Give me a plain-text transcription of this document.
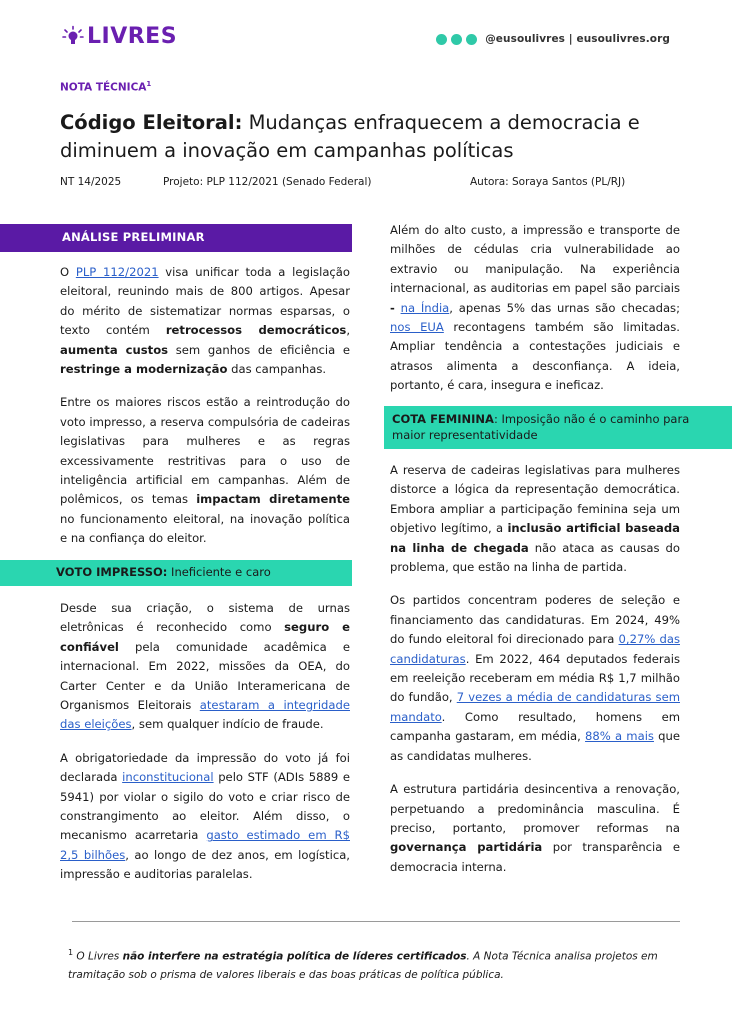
LIVRES	@eusoulivres | eusoulivres.org
NOTA TÉCNICA$^1$
Código Eleitoral: Mudanças enfraquecem a democracia e diminuem a inovação em campanhas políticas
NT 14/2025	Projeto: PLP 112/2021 (Senado Federal)	Autora: Soraya Santos (PL/RJ)
ANÁLISE PRELIMINAR

O PLP 112/2021 visa unificar toda a legislação eleitoral, reunindo mais de 800 artigos. Apesar do mérito de sistematizar normas esparsas, o texto contém retrocessos democráticos, aumenta custos sem ganhos de eficiência e restringe a modernização das campanhas.

Entre os maiores riscos estão a reintrodução do voto impresso, a reserva compulsória de cadeiras legislativas para mulheres e as regras excessivamente restritivas para o uso de inteligência artificial em campanhas. Além de polêmicos, os temas impactam diretamente no funcionamento eleitoral, na inovação política e na confiança do eleitor.

VOTO IMPRESSO: Ineficiente e caro

Desde sua criação, o sistema de urnas eletrônicas é reconhecido como seguro e confiável pela comunidade acadêmica e internacional. Em 2022, missões da OEA, do Carter Center e da União Interamericana de Organismos Eleitorais atestaram a integridade das eleições, sem qualquer indício de fraude.

A obrigatoriedade da impressão do voto já foi declarada inconstitucional pelo STF (ADIs 5889 e 5941) por violar o sigilo do voto e criar risco de constrangimento ao eleitor. Além disso, o mecanismo acarretaria gasto estimado em R$ 2,5 bilhões, ao longo de dez anos, em logística, impressão e auditorias paralelas.

Além do alto custo, a impressão e transporte de milhões de cédulas cria vulnerabilidade ao extravio ou manipulação. Na experiência internacional, as auditorias em papel são parciais - na Índia, apenas 5% das urnas são checadas; nos EUA recontagens também são limitadas. Ampliar tendência a contestações judiciais e atrasos alimenta a desconfiança. A ideia, portanto, é cara, insegura e ineficaz.

COTA FEMININA: Imposição não é o caminho para maior representatividade

A reserva de cadeiras legislativas para mulheres distorce a lógica da representação democrática. Embora ampliar a participação feminina seja um objetivo legítimo, a inclusão artificial baseada na linha de chegada não ataca as causas do problema, que estão na linha de partida.

Os partidos concentram poderes de seleção e financiamento das candidaturas. Em 2024, 49% do fundo eleitoral foi direcionado para 0,27% das candidaturas. Em 2022, 464 deputados federais em reeleição receberam em média R$ 1,7 milhão do fundão, 7 vezes a média de candidaturas sem mandato. Como resultado, homens em campanha gastaram, em média, 88% a mais que as candidatas mulheres.

A estrutura partidária desincentiva a renovação, perpetuando a predominância masculina. É preciso, portanto, promover reformas na governança partidária por transparência e democracia interna.

$^1$ O Livres não interfere na estratégia política de líderes certificados. A Nota Técnica analisa projetos em tramitação sob o prisma de valores liberais e das boas práticas de política pública.
